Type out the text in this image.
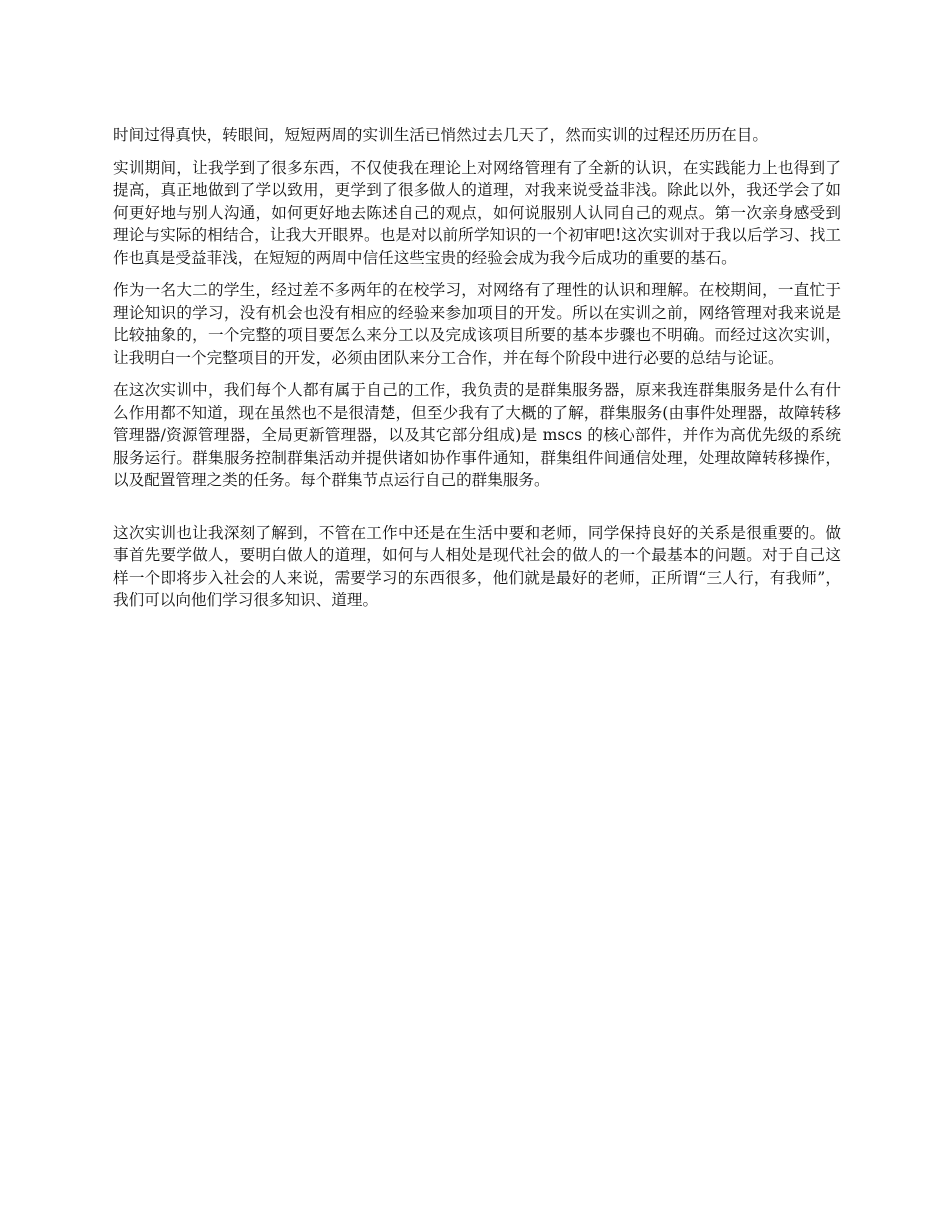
时间过得真快，转眼间，短短两周的实训生活已悄然过去几天了，然而实训的过程还历历在目。

实训期间，让我学到了很多东西，不仅使我在理论上对网络管理有了全新的认识，在实践能力上也得到了提高，真正地做到了学以致用，更学到了很多做人的道理，对我来说受益非浅。除此以外，我还学会了如何更好地与别人沟通，如何更好地去陈述自己的观点，如何说服别人认同自己的观点。第一次亲身感受到理论与实际的相结合，让我大开眼界。也是对以前所学知识的一个初审吧!这次实训对于我以后学习、找工作也真是受益菲浅，在短短的两周中信任这些宝贵的经验会成为我今后成功的重要的基石。

作为一名大二的学生，经过差不多两年的在校学习，对网络有了理性的认识和理解。在校期间，一直忙于理论知识的学习，没有机会也没有相应的经验来参加项目的开发。所以在实训之前，网络管理对我来说是比较抽象的，一个完整的项目要怎么来分工以及完成该项目所要的基本步骤也不明确。而经过这次实训，让我明白一个完整项目的开发，必须由团队来分工合作，并在每个阶段中进行必要的总结与论证。

在这次实训中，我们每个人都有属于自己的工作，我负责的是群集服务器，原来我连群集服务是什么有什么作用都不知道，现在虽然也不是很清楚，但至少我有了大概的了解，群集服务(由事件处理器，故障转移管理器/资源管理器，全局更新管理器，以及其它部分组成)是 mscs 的核心部件，并作为高优先级的系统服务运行。群集服务控制群集活动并提供诸如协作事件通知，群集组件间通信处理，处理故障转移操作，以及配置管理之类的任务。每个群集节点运行自己的群集服务。

这次实训也让我深刻了解到，不管在工作中还是在生活中要和老师，同学保持良好的关系是很重要的。做事首先要学做人，要明白做人的道理，如何与人相处是现代社会的做人的一个最基本的问题。对于自己这样一个即将步入社会的人来说，需要学习的东西很多，他们就是最好的老师，正所谓“三人行，有我师”，我们可以向他们学习很多知识、道理。
